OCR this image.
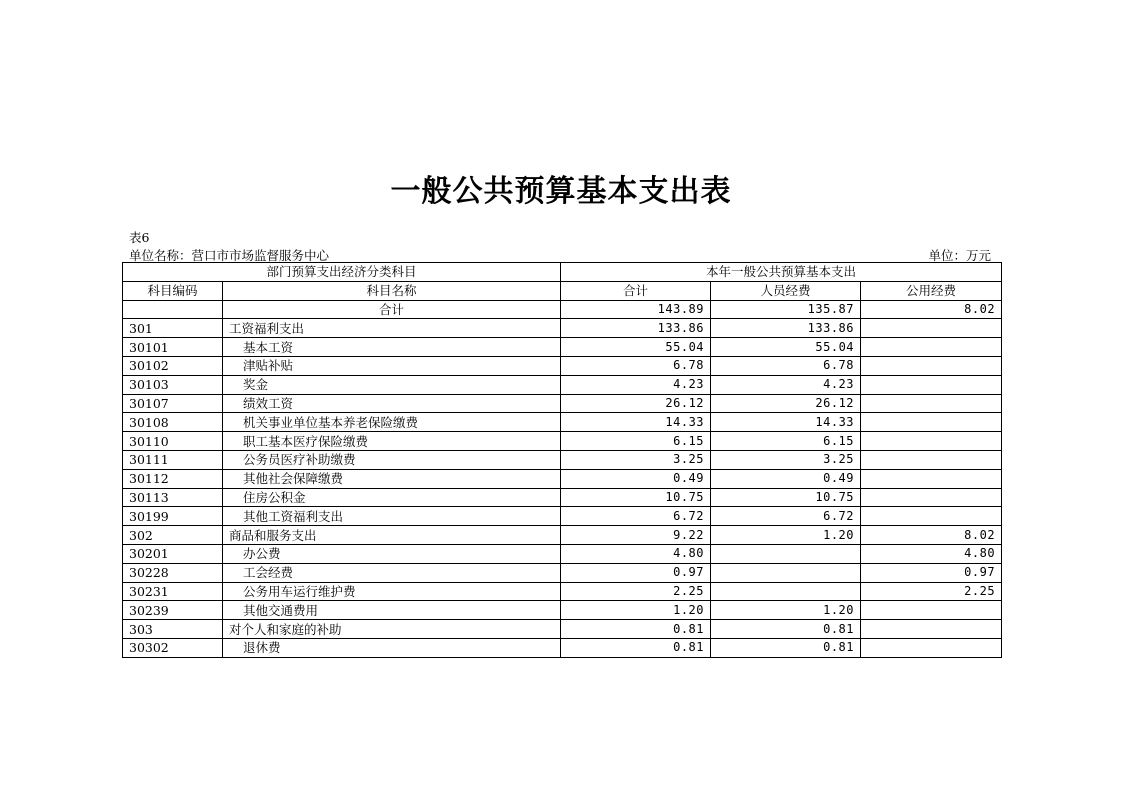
一般公共预算基本支出表
表6
单位名称：营口市市场监督服务中心	单位：万元
部门预算支出经济分类科目		本年一般公共预算基本支出		
科目编码	科目名称	合计	人员经费	公用经费
	合计	143.89	135.87	8.02
301	工资福利支出	133.86	133.86	
30101	基本工资	55.04	55.04	
30102	津贴补贴	6.78	6.78	
30103	奖金	4.23	4.23	
30107	绩效工资	26.12	26.12	
30108	机关事业单位基本养老保险缴费	14.33	14.33	
30110	职工基本医疗保险缴费	6.15	6.15	
30111	公务员医疗补助缴费	3.25	3.25	
30112	其他社会保障缴费	0.49	0.49	
30113	住房公积金	10.75	10.75	
30199	其他工资福利支出	6.72	6.72	
302	商品和服务支出	9.22	1.20	8.02
30201	办公费	4.80		4.80
30228	工会经费	0.97		0.97
30231	公务用车运行维护费	2.25		2.25
30239	其他交通费用	1.20	1.20	
303	对个人和家庭的补助	0.81	0.81	
30302	退休费	0.81	0.81	
